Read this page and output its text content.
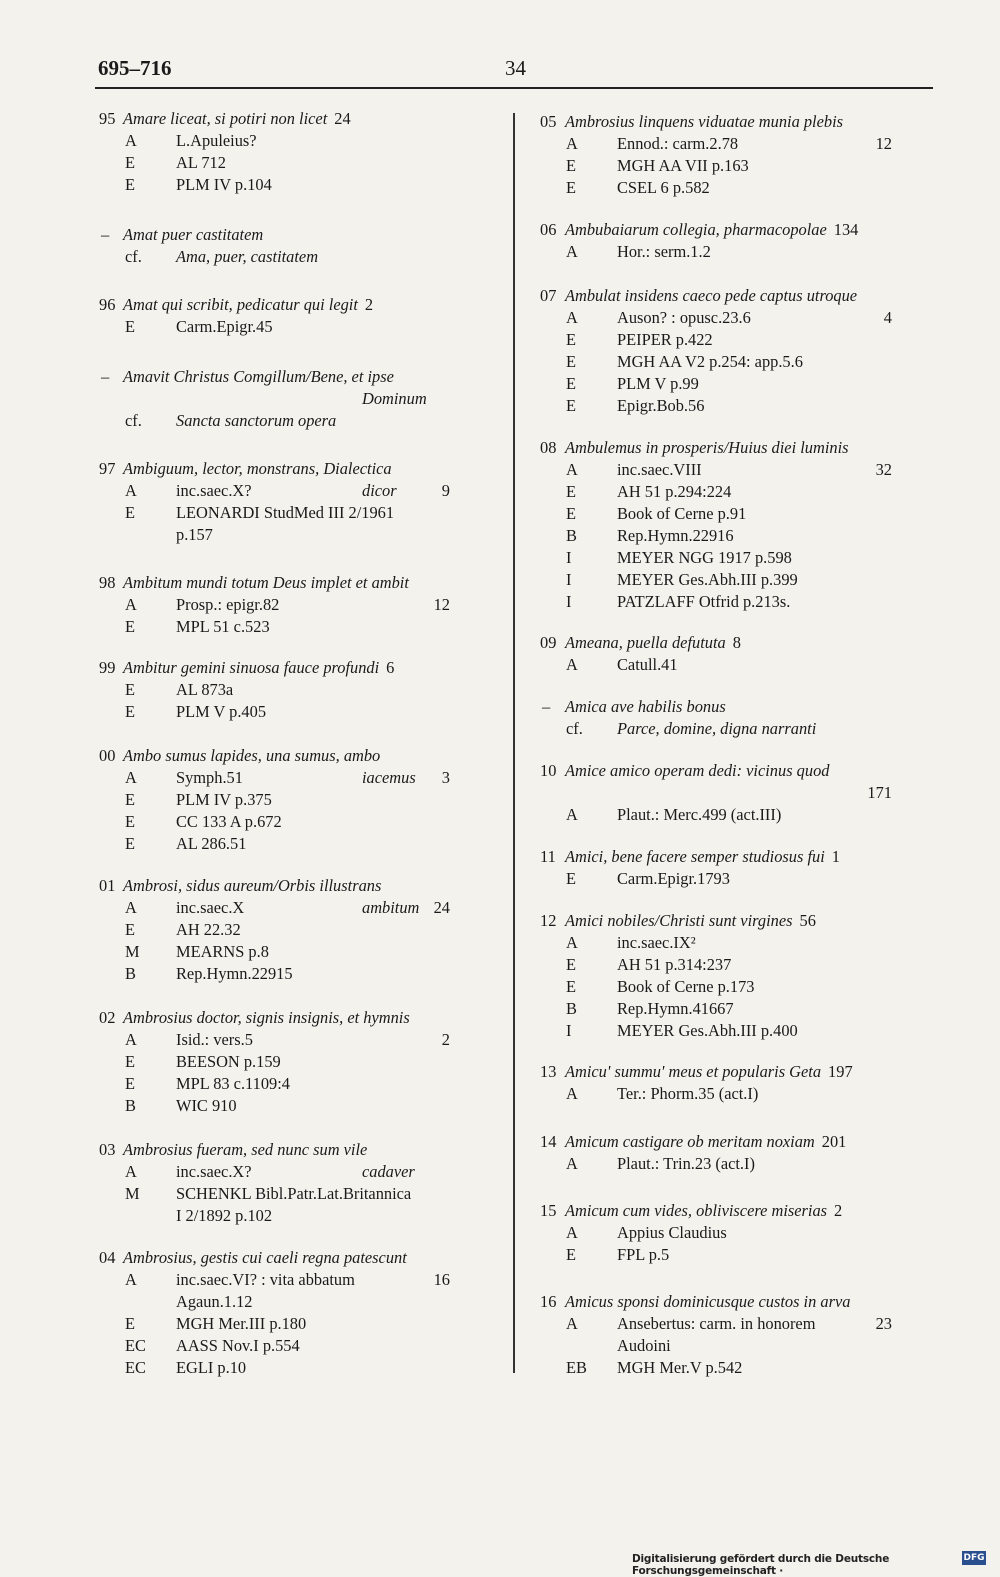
695–716	34
95 Amare liceat, si potiri non licet 24
A L.Apuleius?
E AL 712
E PLM IV p.104
– Amat puer castitatem
cf. Ama, puer, castitatem
96 Amat qui scribit, pedicatur qui legit 2
E Carm.Epigr.45
– Amavit Christus Comgillum/Bene, et ipse
Dominum
cf. Sancta sanctorum opera
97 Ambiguum, lector, monstrans, Dialectica
A inc.saec.X?	dicor	9
E LEONARDI StudMed III 2/1961
p.157
98 Ambitum mundi totum Deus implet et ambit
A Prosp.: epigr.82	12
E MPL 51 c.523
99 Ambitur gemini sinuosa fauce profundi 6
E AL 873a
E PLM V p.405
00 Ambo sumus lapides, una sumus, ambo
A Symph.51	iacemus 3
E PLM IV p.375
E CC 133 A p.672
E AL 286.51
01 Ambrosi, sidus aureum/Orbis illustrans
A inc.saec.X	ambitum 24
E AH 22.32
M MEARNS p.8
B Rep.Hymn.22915
02 Ambrosius doctor, signis insignis, et hymnis
A Isid.: vers.5	2
E BEESON p.159
E MPL 83 c.1109:4
B WIC 910
03 Ambrosius fueram, sed nunc sum vile
A inc.saec.X?	cadaver
M SCHENKL Bibl.Patr.Lat.Britannica
I 2/1892 p.102
04 Ambrosius, gestis cui caeli regna patescunt
A inc.saec.VI? : vita abbatum	16
Agaun.1.12
E MGH Mer.III p.180
EC AASS Nov.I p.554
EC EGLI p.10
05 Ambrosius linquens viduatae munia plebis
A Ennod.: carm.2.78	12
E MGH AA VII p.163
E CSEL 6 p.582
06 Ambubaiarum collegia, pharmacopolae 134
A Hor.: serm.1.2
07 Ambulat insidens caeco pede captus utroque
A Auson? : opusc.23.6	4
E PEIPER p.422
E MGH AA V2 p.254: app.5.6
E PLM V p.99
E Epigr.Bob.56
08 Ambulemus in prosperis/Huius diei luminis
A inc.saec.VIII	32
E AH 51 p.294:224
E Book of Cerne p.91
B Rep.Hymn.22916
I	MEYER NGG 1917 p.598
I	MEYER Ges.Abh.III p.399
I	PATZLAFF Otfrid p.213s.
09 Ameana, puella defututa 8
A Catull.41
– Amica ave habilis bonus
cf. Parce, domine, digna narranti
10 Amice amico operam dedi: vicinus quod
171
A Plaut.: Merc.499 (act.III)
11 Amici, bene facere semper studiosus fui 1
E Carm.Epigr.1793
12 Amici nobiles/Christi sunt virgines 56
A inc.saec.IX²
E AH 51 p.314:237
E Book of Cerne p.173
B Rep.Hymn.41667
I	MEYER Ges.Abh.III p.400
13 Amicu' summu' meus et popularis Geta 197
A Ter.: Phorm.35 (act.I)
14 Amicum castigare ob meritam noxiam 201
A Plaut.: Trin.23 (act.I)
15 Amicum cum vides, obliviscere miserias 2
A Appius Claudius
E FPL p.5
16 Amicus sponsi dominicusque custos in arva
A Ansebertus: carm. in honorem	23
Audoini
EB MGH Mer.V p.542
Digitalisierung gefördert durch die Deutsche Forschungsgemeinschaft ·
DFG
